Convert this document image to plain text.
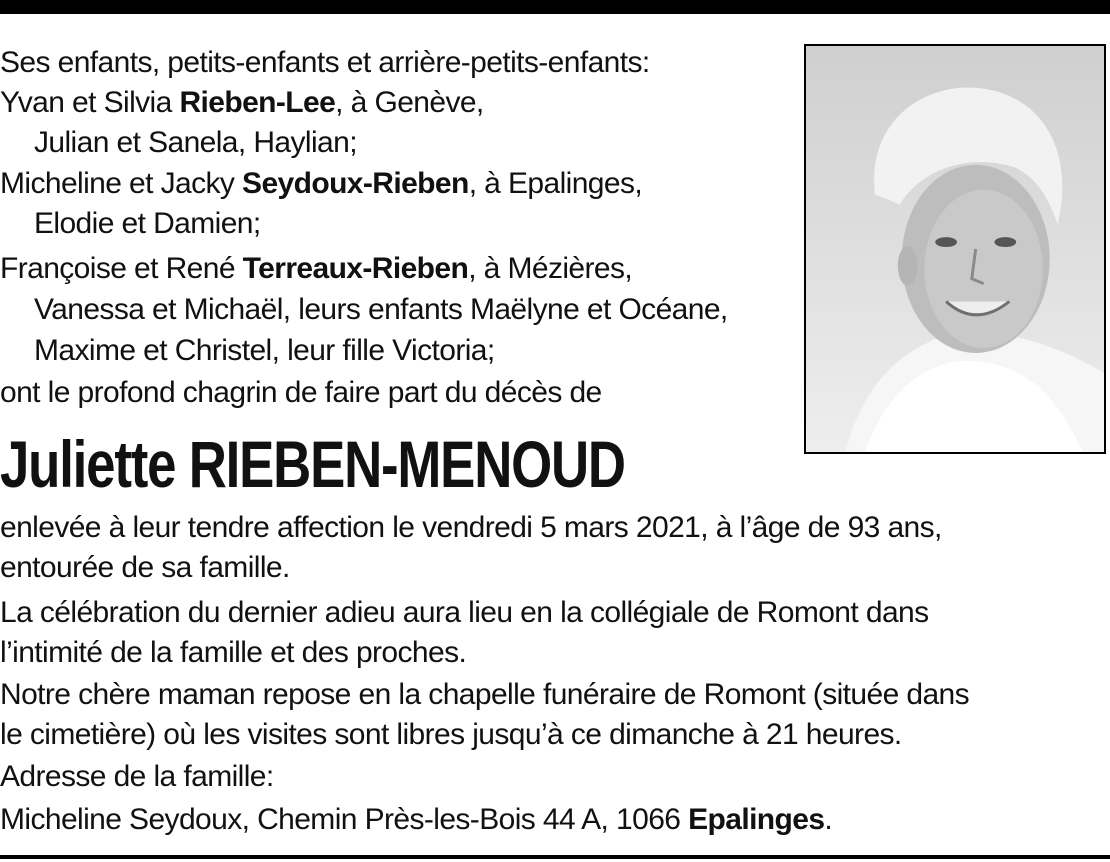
Ses enfants, petits-enfants et arrière-petits-enfants:
Yvan et Silvia Rieben-Lee, à Genève,
Julian et Sanela, Haylian;
Micheline et Jacky Seydoux-Rieben, à Epalinges,
Elodie et Damien;
Françoise et René Terreaux-Rieben, à Mézières,
Vanessa et Michaël, leurs enfants Maëlyne et Océane,
Maxime et Christel, leur fille Victoria;
ont le profond chagrin de faire part du décès de
Juliette RIEBEN-MENOUD
enlevée à leur tendre affection le vendredi 5 mars 2021, à l’âge de 93 ans,
entourée de sa famille.
La célébration du dernier adieu aura lieu en la collégiale de Romont dans
l’intimité de la famille et des proches.
Notre chère maman repose en la chapelle funéraire de Romont (située dans
le cimetière) où les visites sont libres jusqu’à ce dimanche à 21 heures.
Adresse de la famille:
Micheline Seydoux, Chemin Près-les-Bois 44 A, 1066 Epalinges.
